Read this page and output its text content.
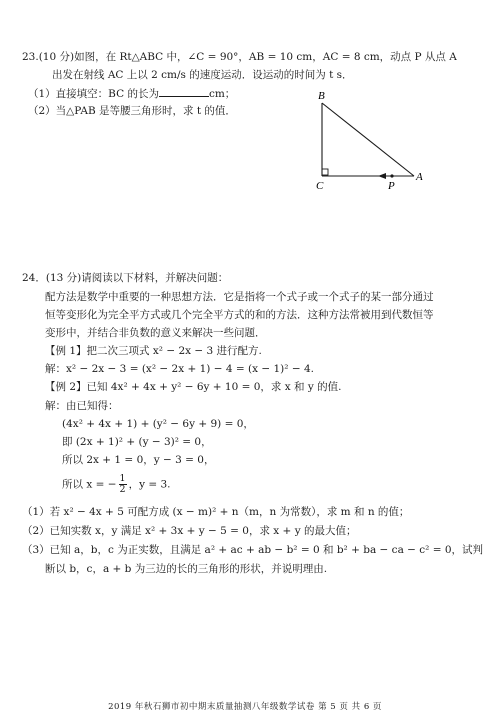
23.(10 分)如图，在 Rt△ABC 中，∠C = 90°，AB = 10 cm，AC = 8 cm，动点 P 从点 A
出发在射线 AC 上以 2 cm/s 的速度运动．设运动的时间为 t s．
（1）直接填空：BC 的长为	cm；
（2）当△PAB 是等腰三角形时，求 t 的值．
B
C	P
A
24．(13 分)请阅读以下材料，并解决问题：
配方法是数学中重要的一种思想方法．它是指将一个式子或一个式子的某一部分通过
恒等变形化为完全平方式或几个完全平方式的和的方法．这种方法常被用到代数恒等
变形中，并结合非负数的意义来解决一些问题．
【例 1】把二次三项式 x² − 2x − 3 进行配方.
解：x² − 2x − 3 = (x² − 2x + 1) − 4 = (x − 1)² − 4.
【例 2】已知 4x² + 4x + y² − 6y + 10 = 0，求 x 和 y 的值.
解：由已知得：
(4x² + 4x + 1) + (y² − 6y + 9) = 0，
即 (2x + 1)² + (y − 3)² = 0，
所以 2x + 1 = 0，y − 3 = 0，
所以 x = − $\frac{1}{2}$ ，y = 3.
（1）若 x² − 4x + 5 可配方成 (x − m)² + n（m，n 为常数），求 m 和 n 的值；
（2）已知实数 x，y 满足 x² + 3x + y − 5 = 0，求 x + y 的最大值；
（3）已知 a，b，c 为正实数，且满足 a² + ac + ab − b² = 0 和 b² + ba − ca − c² = 0，试判
断以 b，c，a + b 为三边的长的三角形的形状，并说明理由.
2019 年秋石狮市初中期末质量抽测八年级数学试卷 第 5 页 共 6 页
